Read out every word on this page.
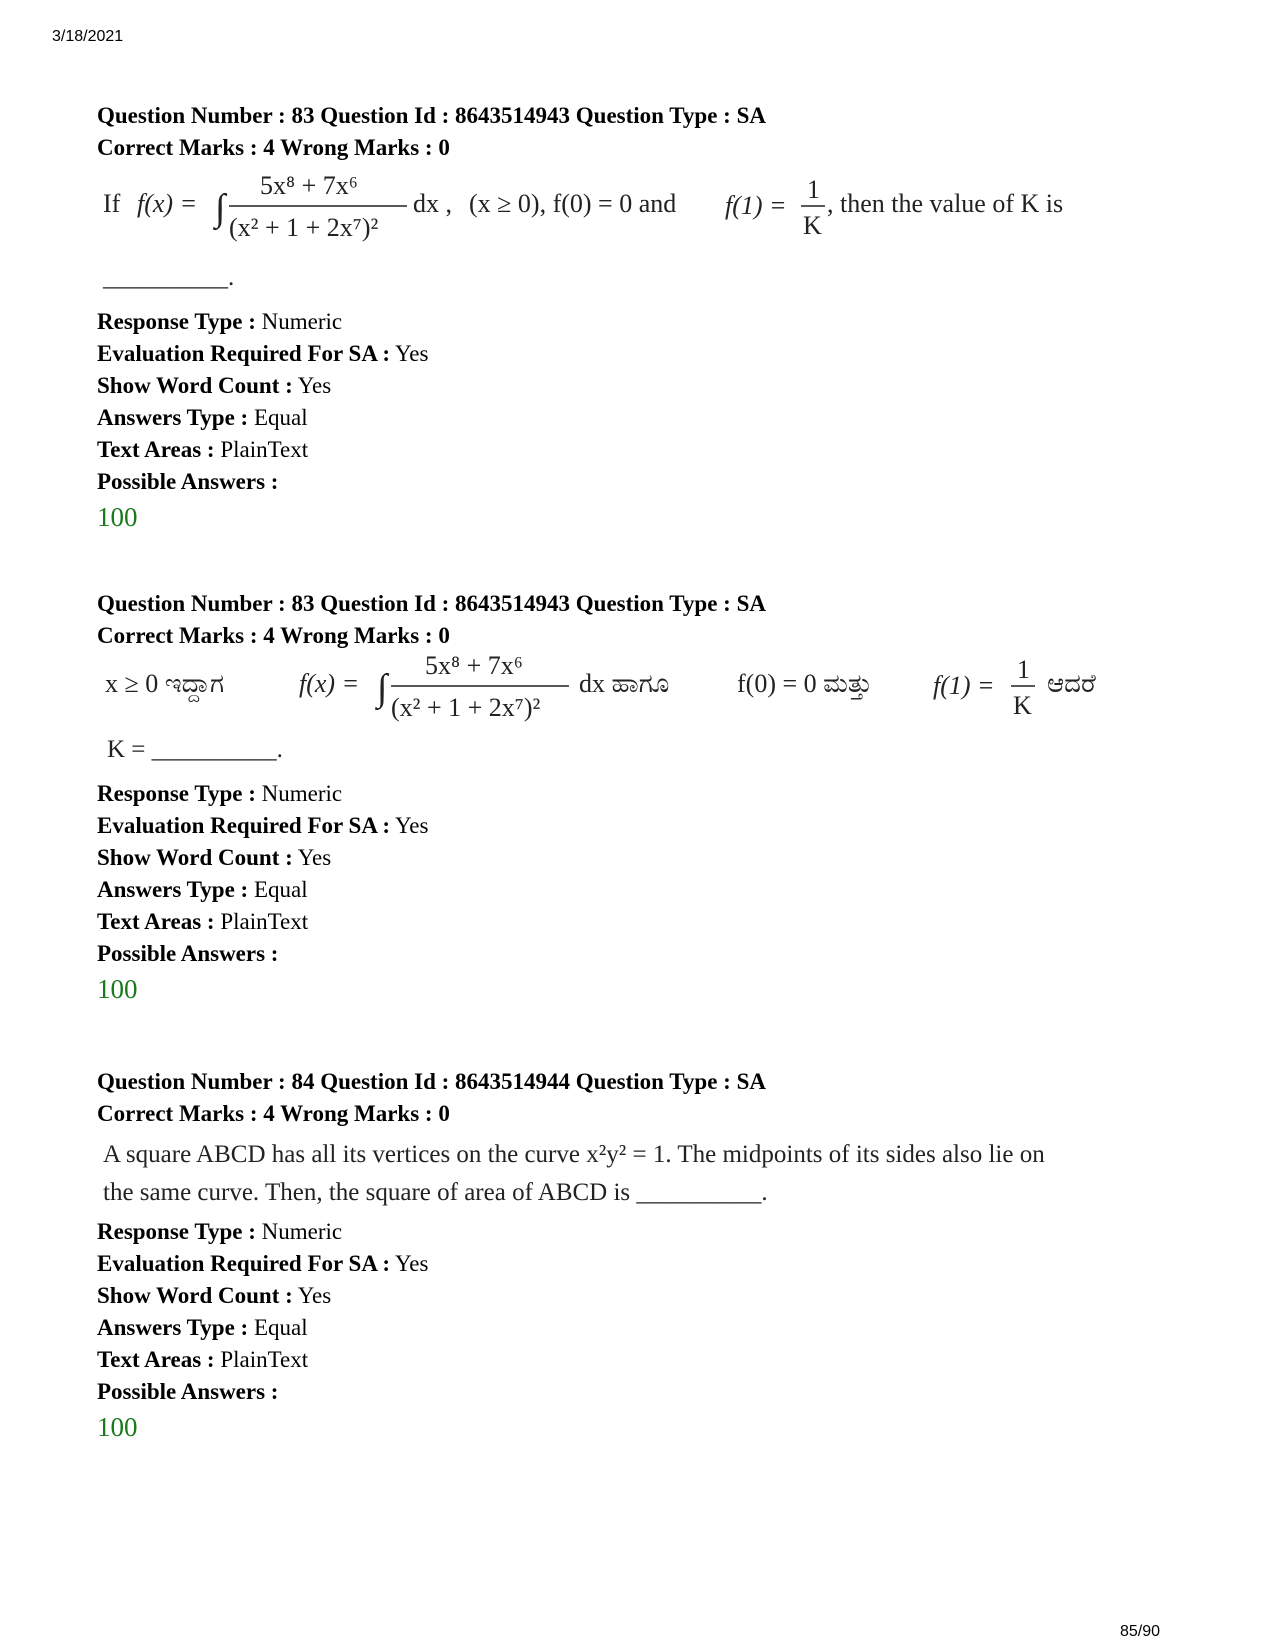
3/18/2021
Question Number : 83 Question Id : 8643514943 Question Type : SA
Correct Marks : 4 Wrong Marks : 0
If f(x) = ∫
5x⁸ + 7x⁶
(x² + 1 + 2x⁷)²
dx , (x ≥ 0), f(0) = 0 and f(1) =
1
K
, then the value of K is
__________.
Response Type : Numeric
Evaluation Required For SA : Yes
Show Word Count : Yes
Answers Type : Equal
Text Areas : PlainText
Possible Answers :
100
Question Number : 83 Question Id : 8643514943 Question Type : SA
Correct Marks : 4 Wrong Marks : 0
x ≥ 0 ಇದ್ದಾಗ	f(x) = ∫
5x⁸ + 7x⁶
(x² + 1 + 2x⁷)²
dx ಹಾಗೂ	f(0) = 0 ಮತ್ತು f(1) =
1
K
ಆದರೆ
K = __________.
Response Type : Numeric
Evaluation Required For SA : Yes
Show Word Count : Yes
Answers Type : Equal
Text Areas : PlainText
Possible Answers :
100
Question Number : 84 Question Id : 8643514944 Question Type : SA
Correct Marks : 4 Wrong Marks : 0
A square ABCD has all its vertices on the curve x²y² = 1. The midpoints of its sides also lie on
the same curve. Then, the square of area of ABCD is __________.
Response Type : Numeric
Evaluation Required For SA : Yes
Show Word Count : Yes
Answers Type : Equal
Text Areas : PlainText
Possible Answers :
100
85/90
